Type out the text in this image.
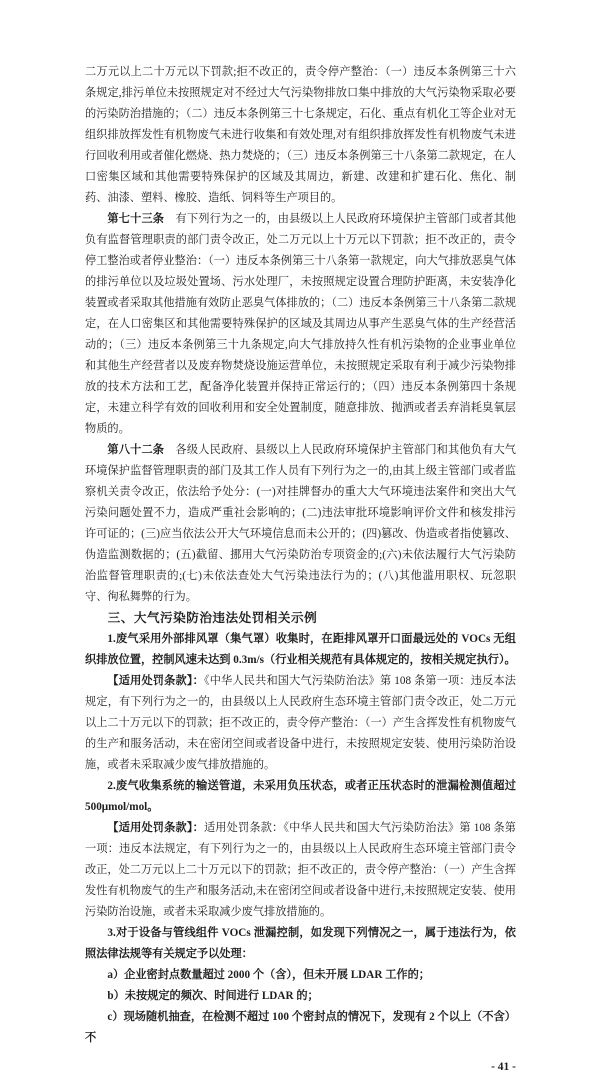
二万元以上二十万元以下罚款;拒不改正的，责令停产整治：（一）违反本条例第三十六条规定,排污单位未按照规定对不经过大气污染物排放口集中排放的大气污染物采取必要的污染防治措施的；（二）违反本条例第三十七条规定，石化、重点有机化工等企业对无组织排放挥发性有机物废气未进行收集和有效处理,对有组织排放挥发性有机物废气未进行回收利用或者催化燃烧、热力焚烧的；（三）违反本条例第三十八条第二款规定，在人口密集区域和其他需要特殊保护的区域及其周边，新建、改建和扩建石化、焦化、制药、油漆、塑料、橡胶、造纸、饲料等生产项目的。

第七十三条　有下列行为之一的，由县级以上人民政府环境保护主管部门或者其他负有监督管理职责的部门责令改正，处二万元以上十万元以下罚款；拒不改正的，责令停工整治或者停业整治：（一）违反本条例第三十八条第一款规定，向大气排放恶臭气体的排污单位以及垃圾处置场、污水处理厂，未按照规定设置合理防护距离，未安装净化装置或者采取其他措施有效防止恶臭气体排放的；（二）违反本条例第三十八条第二款规定，在人口密集区和其他需要特殊保护的区域及其周边从事产生恶臭气体的生产经营活动的；（三）违反本条例第三十九条规定,向大气排放持久性有机污染物的企业事业单位和其他生产经营者以及废弃物焚烧设施运营单位，未按照规定采取有利于减少污染物排放的技术方法和工艺，配备净化装置并保持正常运行的；（四）违反本条例第四十条规定，未建立科学有效的回收利用和安全处置制度，随意排放、抛洒或者丢弃消耗臭氧层物质的。

第八十二条　各级人民政府、县级以上人民政府环境保护主管部门和其他负有大气环境保护监督管理职责的部门及其工作人员有下列行为之一的,由其上级主管部门或者监察机关责令改正，依法给予处分：(一)对挂牌督办的重大大气环境违法案件和突出大气污染问题处置不力，造成严重社会影响的；(二)违法审批环境影响评价文件和核发排污许可证的；(三)应当依法公开大气环境信息而未公开的；(四)篡改、伪造或者指使篡改、伪造监测数据的；(五)截留、挪用大气污染防治专项资金的;(六)未依法履行大气污染防治监督管理职责的;(七)未依法查处大气污染违法行为的；(八)其他滥用职权、玩忽职守、徇私舞弊的行为。

三、大气污染防治违法处罚相关示例

1.废气采用外部排风罩（集气罩）收集时，在距排风罩开口面最远处的 VOCs 无组织排放位置，控制风速未达到 0.3m/s（行业相关规范有具体规定的，按相关规定执行）。

【适用处罚条款】：《中华人民共和国大气污染防治法》第 108 条第一项：违反本法规定，有下列行为之一的，由县级以上人民政府生态环境主管部门责令改正，处二万元以上二十万元以下的罚款；拒不改正的，责令停产整治：（一）产生含挥发性有机物废气的生产和服务活动，未在密闭空间或者设备中进行，未按照规定安装、使用污染防治设施，或者未采取减少废气排放措施的。

2.废气收集系统的输送管道，未采用负压状态，或者正压状态时的泄漏检测值超过 500μmol/mol。

【适用处罚条款】：适用处罚条款：《中华人民共和国大气污染防治法》第 108 条第一项：违反本法规定，有下列行为之一的，由县级以上人民政府生态环境主管部门责令改正，处二万元以上二十万元以下的罚款；拒不改正的，责令停产整治：（一）产生含挥发性有机物废气的生产和服务活动,未在密闭空间或者设备中进行,未按照规定安装、使用污染防治设施，或者未采取减少废气排放措施的。

3.对于设备与管线组件 VOCs 泄漏控制，如发现下列情况之一，属于违法行为，依照法律法规等有关规定予以处理：

a）企业密封点数量超过 2000 个（含），但未开展 LDAR 工作的；

b）未按规定的频次、时间进行 LDAR 的；

c）现场随机抽查，在检测不超过 100 个密封点的情况下，发现有 2 个以上（不含）不

- 41 -
